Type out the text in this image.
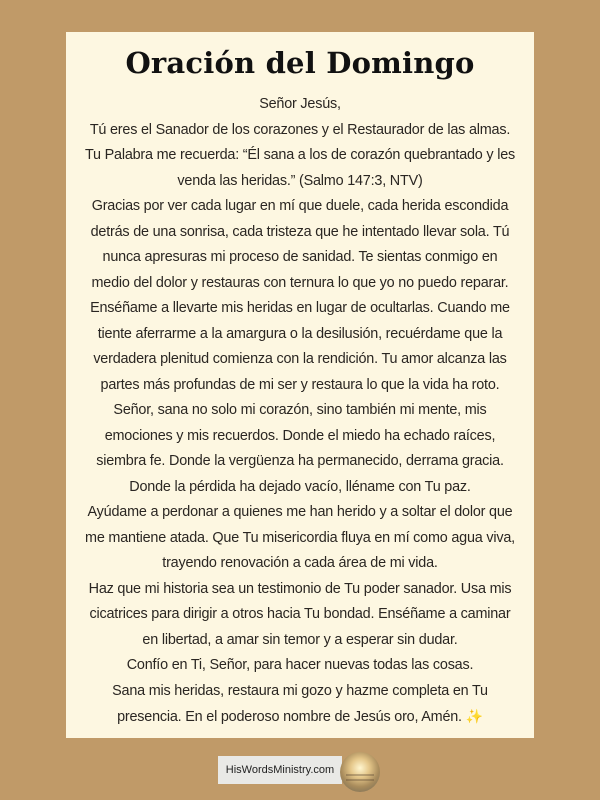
Oración del Domingo
Señor Jesús,
Tú eres el Sanador de los corazones y el Restaurador de las almas.
Tu Palabra me recuerda: “Él sana a los de corazón quebrantado y les
venda las heridas.” (Salmo 147:3, NTV)
Gracias por ver cada lugar en mí que duele, cada herida escondida
detrás de una sonrisa, cada tristeza que he intentado llevar sola. Tú
nunca apresuras mi proceso de sanidad. Te sientas conmigo en
medio del dolor y restauras con ternura lo que yo no puedo reparar.
Enséñame a llevarte mis heridas en lugar de ocultarlas. Cuando me
tiente aferrarme a la amargura o la desilusión, recuérdame que la
verdadera plenitud comienza con la rendición. Tu amor alcanza las
partes más profundas de mi ser y restaura lo que la vida ha roto.
Señor, sana no solo mi corazón, sino también mi mente, mis
emociones y mis recuerdos. Donde el miedo ha echado raíces,
siembra fe. Donde la vergüenza ha permanecido, derrama gracia.
Donde la pérdida ha dejado vacío, lléname con Tu paz.
Ayúdame a perdonar a quienes me han herido y a soltar el dolor que
me mantiene atada. Que Tu misericordia fluya en mí como agua viva,
trayendo renovación a cada área de mi vida.
Haz que mi historia sea un testimonio de Tu poder sanador. Usa mis
cicatrices para dirigir a otros hacia Tu bondad. Enséñame a caminar
en libertad, a amar sin temor y a esperar sin dudar.
Confío en Ti, Señor, para hacer nuevas todas las cosas.
Sana mis heridas, restaura mi gozo y hazme completa en Tu
presencia. En el poderoso nombre de Jesús oro, Amén. ✨
HisWordsMinistry.com
